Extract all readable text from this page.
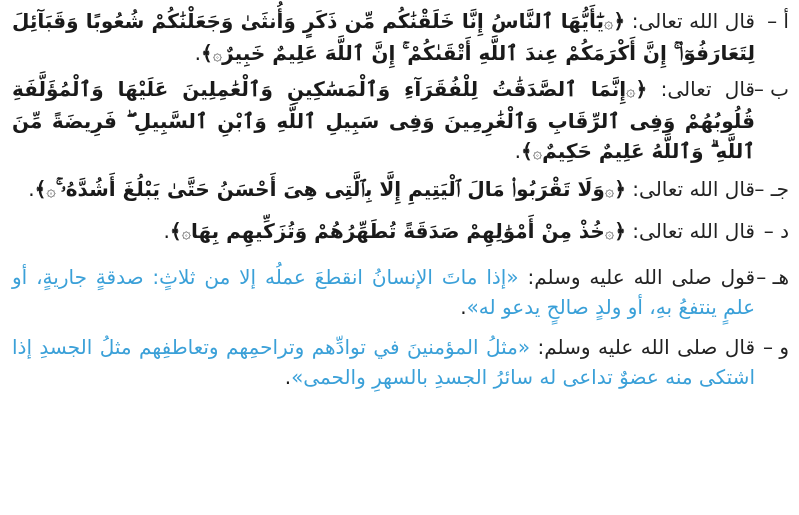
أ –
قال الله تعالى: ﴿۞يَٰٓأَيُّهَا ٱلنَّاسُ إِنَّا خَلَقْنَٰكُم مِّن ذَكَرٍ وَأُنثَىٰ وَجَعَلْنَٰكُمْ شُعُوبًا وَقَبَآئِلَ لِتَعَارَفُوٓا۟ ۚ إِنَّ أَكْرَمَكُمْ عِندَ ٱللَّهِ أَتْقَىٰكُمْ ۚ إِنَّ ٱللَّهَ عَلِيمٌ خَبِيرٌ۞﴾.
ب –
قال تعالى: ﴿۞إِنَّمَا ٱلصَّدَقَٰتُ لِلْفُقَرَآءِ وَٱلْمَسَٰكِينِ وَٱلْعَٰمِلِينَ عَلَيْهَا وَٱلْمُؤَلَّفَةِ قُلُوبُهُمْ وَفِى ٱلرِّقَابِ وَٱلْغَٰرِمِينَ وَفِى سَبِيلِ ٱللَّهِ وَٱبْنِ ٱلسَّبِيلِ ۖ فَرِيضَةً مِّنَ ٱللَّهِ ۗ وَٱللَّهُ عَلِيمٌ حَكِيمٌ۞﴾.
جـ –
قال الله تعالى: ﴿۞وَلَا تَقْرَبُوا۟ مَالَ ٱلْيَتِيمِ إِلَّا بِٱلَّتِى هِىَ أَحْسَنُ حَتَّىٰ يَبْلُغَ أَشُدَّهُۥ ۚ۞﴾.
د –
قال الله تعالى: ﴿۞خُذْ مِنْ أَمْوَٰلِهِمْ صَدَقَةً تُطَهِّرُهُمْ وَتُزَكِّيهِم بِهَا۞﴾.
هـ –
قول صلى الله عليه وسلم: «إذا ماتَ الإنسانُ انقطعَ عملُه إلا من ثلاثٍ: صدقةٍ جاريةٍ، أو علمٍ ينتفعُ بهِ، أو ولدٍ صالحٍ يدعو له».
و –
قال صلى الله عليه وسلم: «مثلُ المؤمنينَ في توادِّهم وتراحمِهم وتعاطفِهم مثلُ الجسدِ إذا اشتكى منه عضوٌ تداعى له سائرُ الجسدِ بالسهرِ والحمى».
